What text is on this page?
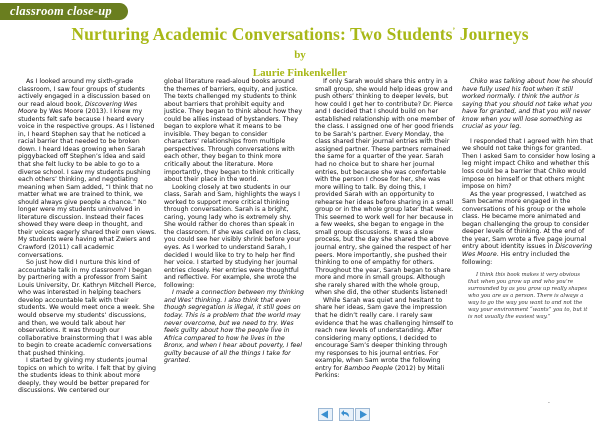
classroom close-up
Nurturing Academic Conversations: Two Students’ Journeys
by
Laurie Finkenkeller

As I looked around my sixth-grade classroom, I saw four groups of students actively engaged in a discussion based on our read aloud book, Discovering Wes Moore by Wes Moore (2013). I knew my students felt safe because I heard every voice in the respective groups. As I listened in, I heard Stephen say that he noticed a racial barrier that needed to be broken down. I heard Ideas growing when Sarah piggybacked off Stephen’s idea and said that she felt lucky to be able to go to a diverse school. I saw my students pushing each others’ thinking, and negotiating meaning when Sam added, “I think that no matter what we are trained to think, we should always give people a chance.” No longer were my students uninvolved in literature discussion. Instead their faces showed they were deep in thought, and their voices eagerly shared their own views. My students were having what Zwiers and Crawford (2011) call academic conversations.

So just how did I nurture this kind of accountable talk in my classroom? I began by partnering with a professor from Saint Louis University, Dr. Kathryn Mitchell Pierce, who was interested in helping teachers develop accountable talk with their students. We would meet once a week. She would observe my students’ discussions, and then, we would talk about her observations. It was through our collaborative brainstorming that I was able to begin to create academic conversations that pushed thinking.

I started by giving my students journal topics on which to write. I felt that by giving the students ideas to think about more deeply, they would be better prepared for discussions. We centered our

global literature read-aloud books around the themes of barriers, equity, and justice. The texts challenged my students to think about barriers that prohibit equity and justice. They began to think about how they could be allies instead of bystanders. They began to explore what it means to be invisible. They began to consider characters’ relationships from multiple perspectives. Through conversations with each other, they began to think more critically about the literature. More importantly, they began to think critically about their place in the world.

Looking closely at two students in our class, Sarah and Sam, highlights the ways I worked to support more critical thinking through conversation. Sarah is a bright, caring, young lady who is extremely shy. She would rather do chores than speak in the classroom. If she was called on in class, you could see her visibly shrink before your eyes. As I worked to understand Sarah, I decided I would like to try to help her find her voice. I started by studying her journal entries closely. Her entries were thoughtful and reflective. For example, she wrote the following:

I made a connection between my thinking and Wes’ thinking. I also think that even though segregation is illegal, it still goes on today. This is a problem that the world may never overcome, but we need to try. Wes feels guilty about how the people live in Africa compared to how he lives in the Bronx, and when I hear about poverty, I feel guilty because of all the things I take for granted.

If only Sarah would share this entry in a small group, she would help ideas grow and push others’ thinking to deeper levels, but how could I get her to contribute? Dr. Pierce and I decided that I should build on her established relationship with one member of the class. I assigned one of her good friends to be Sarah’s partner. Every Monday, the class shared their journal entries with their assigned partner. These partners remained the same for a quarter of the year. Sarah had no choice but to share her journal entries, but because she was comfortable with the person I chose for her, she was more willing to talk. By doing this, I provided Sarah with an opportunity to rehearse her ideas before sharing in a small group or in the whole group later that week. This seemed to work well for her because in a few weeks, she began to engage in the small group discussions. It was a slow process, but the day she shared the above journal entry, she gained the respect of her peers. More importantly, she pushed their thinking to one of empathy for others. Throughout the year, Sarah began to share more and more in small groups. Although she rarely shared with the whole group, when she did, the other students listened!

While Sarah was quiet and hesitant to share her ideas, Sam gave the impression that he didn’t really care. I rarely saw evidence that he was challenging himself to reach new levels of understanding. After considering many options, I decided to encourage Sam’s deeper thinking through my responses to his journal entries. For example, when Sam wrote the following entry for Bamboo People (2012) by Mitali Perkins:

Chiko was talking about how he should have fully used his foot when it still worked normally. I think the author is saying that you should not take what you have for granted, and that you will never know when you will lose something as crucial as your leg.

I responded that I agreed with him that we should not take things for granted. Then I asked Sam to consider how losing a leg might impact Chiko and whether this loss could be a barrier that Chiko would impose on himself or that others might impose on him?

As the year progressed, I watched as Sam became more engaged in the conversations of his group or the whole class. He became more animated and began challenging the group to consider deeper levels of thinking. At the end of the year, Sam wrote a five page journal entry about identity issues in Discovering Wes Moore. His entry included the following:

I think this book makes it very obvious that when you grow up and who you’re surrounded by as you grow up really shapes who you are as a person. There is always a way to go the way you want to and not the way your environment “wants” you to, but it is not usually the easiest way.”
.
